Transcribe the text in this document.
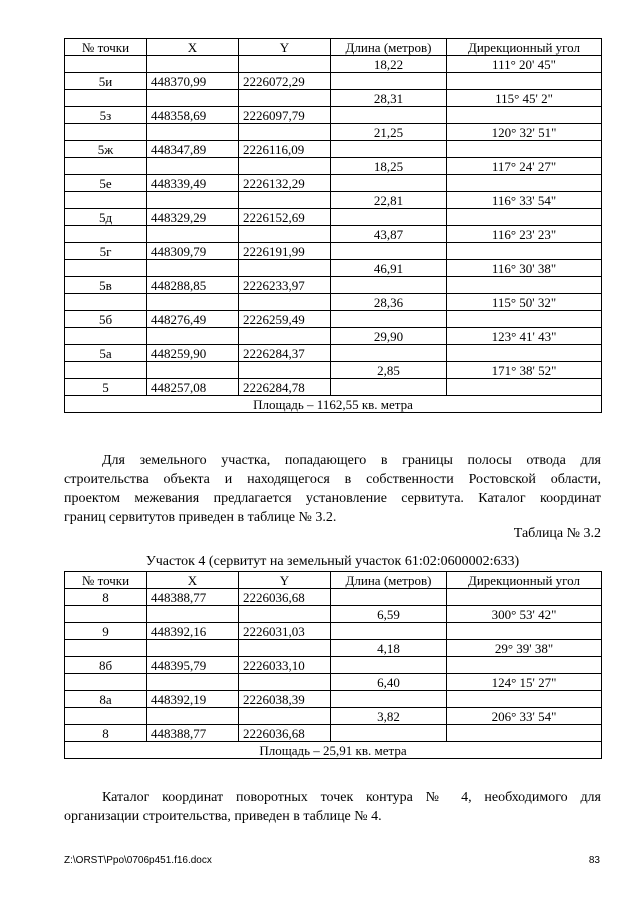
№ точки	X	Y	Длина (метров)	Дирекционный угол
			18,22	111° 20' 45"
5и	448370,99	2226072,29		
			28,31	115° 45' 2"
5з	448358,69	2226097,79		
			21,25	120° 32' 51"
5ж	448347,89	2226116,09		
			18,25	117° 24' 27"
5е	448339,49	2226132,29		
			22,81	116° 33' 54"
5д	448329,29	2226152,69		
			43,87	116° 23' 23"
5г	448309,79	2226191,99		
			46,91	116° 30' 38"
5в	448288,85	2226233,97		
			28,36	115° 50' 32"
5б	448276,49	2226259,49		
			29,90	123° 41' 43"
5а	448259,90	2226284,37		
			2,85	171° 38' 52"
5	448257,08	2226284,78		
Площадь – 1162,55 кв. метра				
Для земельного участка, попадающего в границы полосы отвода для
строительства объекта и находящегося в собственности Ростовской области,
проектом межевания предлагается установление сервитута. Каталог координат
границ сервитутов приведен в таблице № 3.2.
Таблица № 3.2
Участок 4 (сервитут на земельный участок 61:02:0600002:633)
№ точки	X	Y	Длина (метров)	Дирекционный угол
8	448388,77	2226036,68		
			6,59	300° 53' 42"
9	448392,16	2226031,03		
			4,18	29° 39' 38"
8б	448395,79	2226033,10		
			6,40	124° 15' 27"
8а	448392,19	2226038,39		
			3,82	206° 33' 54"
8	448388,77	2226036,68		
Площадь – 25,91 кв. метра				
Каталог координат поворотных точек контура № 4, необходимого для
организации строительства, приведен в таблице № 4.
Z:\ORST\Ppo\0706p451.f16.docx	83
